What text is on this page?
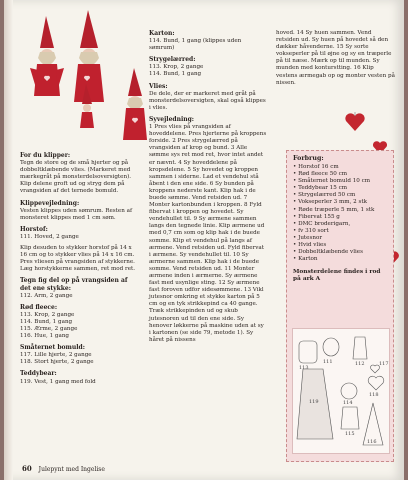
For du klipper:

Tegn de store og de små hjerter og på dobbeltklæbende vlies. (Markeret med mærkegråt på monsterdelsoversigten). Klip delene groft ud og stryg dem på vrangsiden af det ternede bomuld.

Klippevejledning:

Vesten klippes uden sømrum. Resten af monsteret klippes med 1 cm søm.

Horstof:

111. Hoved, 2 gange

Klip desuden to stykker horstof på 14 x 16 cm og to stykker vlies på 14 x 16 cm. Pres vliesen på vrangsiden af stykkerne. Læg horstykkerne sammen, ret mod ret.

Tegn fig del op på vrangsiden af det ene stykke:

112. Arm, 2 gange

Rød fleece:

113. Krop, 2 gange

114. Bund, 1 gang

115. Ærme, 2 gange

116. Hue, 1 gang

Småternet bomuld:

117. Lille hjerte, 2 gange

118. Stort hjerte, 2 gange

Teddybear:

119. Vest, 1 gang med fold

Karton:

114. Bund, 1 gang (klippes uden sømrum)

Strygelærred:

113. Krop, 2 gange

114. Bund, 1 gang

Vlies:

De dele, der er markeret med gråt på monsterdelsoversigten, skal også klippes i vlies.

Syvejledning:

1 Pres vlies på vrangsiden af hoveddelene. Pres hjerterne på kroppens forside. 2 Pres strygelærred på vrangsiden af krop og bund. 3 Alle sømme sys ret mod ret, hvor intet andet er nævnt. 4 Sy hoveddelene på kropsdelene. 5 Sy hovedet og kroppen sammen i siderne. Lad et vendehul stå åbent i den ene side. 6 Sy bunden på kroppens nederste kant. Klip hak i de buede sømme. Vend retsiden ud. 7 Monter kartonbunden i kroppen. 8 Fyld fibervat i kroppen og hovedet. Sy vendehullet til. 9 Sy ærmene sammen langs den tegnede linie. Klip ærmene ud med 0,7 cm som og klip hak i de buede somme. Klip et vendehul på langs af ærmene. Vend retsiden ud. Fyld fibervat i ærmene. Sy vendehullet til. 10 Sy ærmerne sammen. Klip hak i de buede somme. Vend retsiden ud. 11 Monter ærmene inden i ærmerne. Sy ærmene fast med usynlige sting. 12 Sy ærmene fast foroven udfor sidesømmene. 13 Vikl jutesnor omkring et stykke karton på 5 cm og en tyk strikkepind ca 40 gange. Træk strikkepinden ud og skub jutesnoren ud til den ene side. Sy henover løkkerne på maskine uden at sy i kartonen (se side 79, metode 1). Sy håret på nissens

hoved. 14 Sy huen sammen. Vend retsiden ud. Sy huen på hovedet så den dækker håvenderne. 15 Sy sorte vokseperler på til øjne og sy en træperle på til næse. Mærk op til munden. Sy munden med konturstting. 16 Klip vestens ærmegab op og monter vesten på nissen.

Forbrug:
• Horstof 16 cm
• Rød fleece 50 cm
• Småternet bomuld 10 cm
• Teddybear 15 cm
• Strygelærred 50 cm
• Vokseperler 3 mm, 2 stk
• Røde træperle 5 mm, 1 stk
• Fibervat 155 g
• DMC broderigarn,
• fv 310 sort
• Jutesnor
• Hvid vlies
• Dobbeltklæbende vlies
• Karton
Monsterdelene findes i rod på ark A
113
119
111
114
112	117
118
115
116
60 Julepynt med Ingelise
